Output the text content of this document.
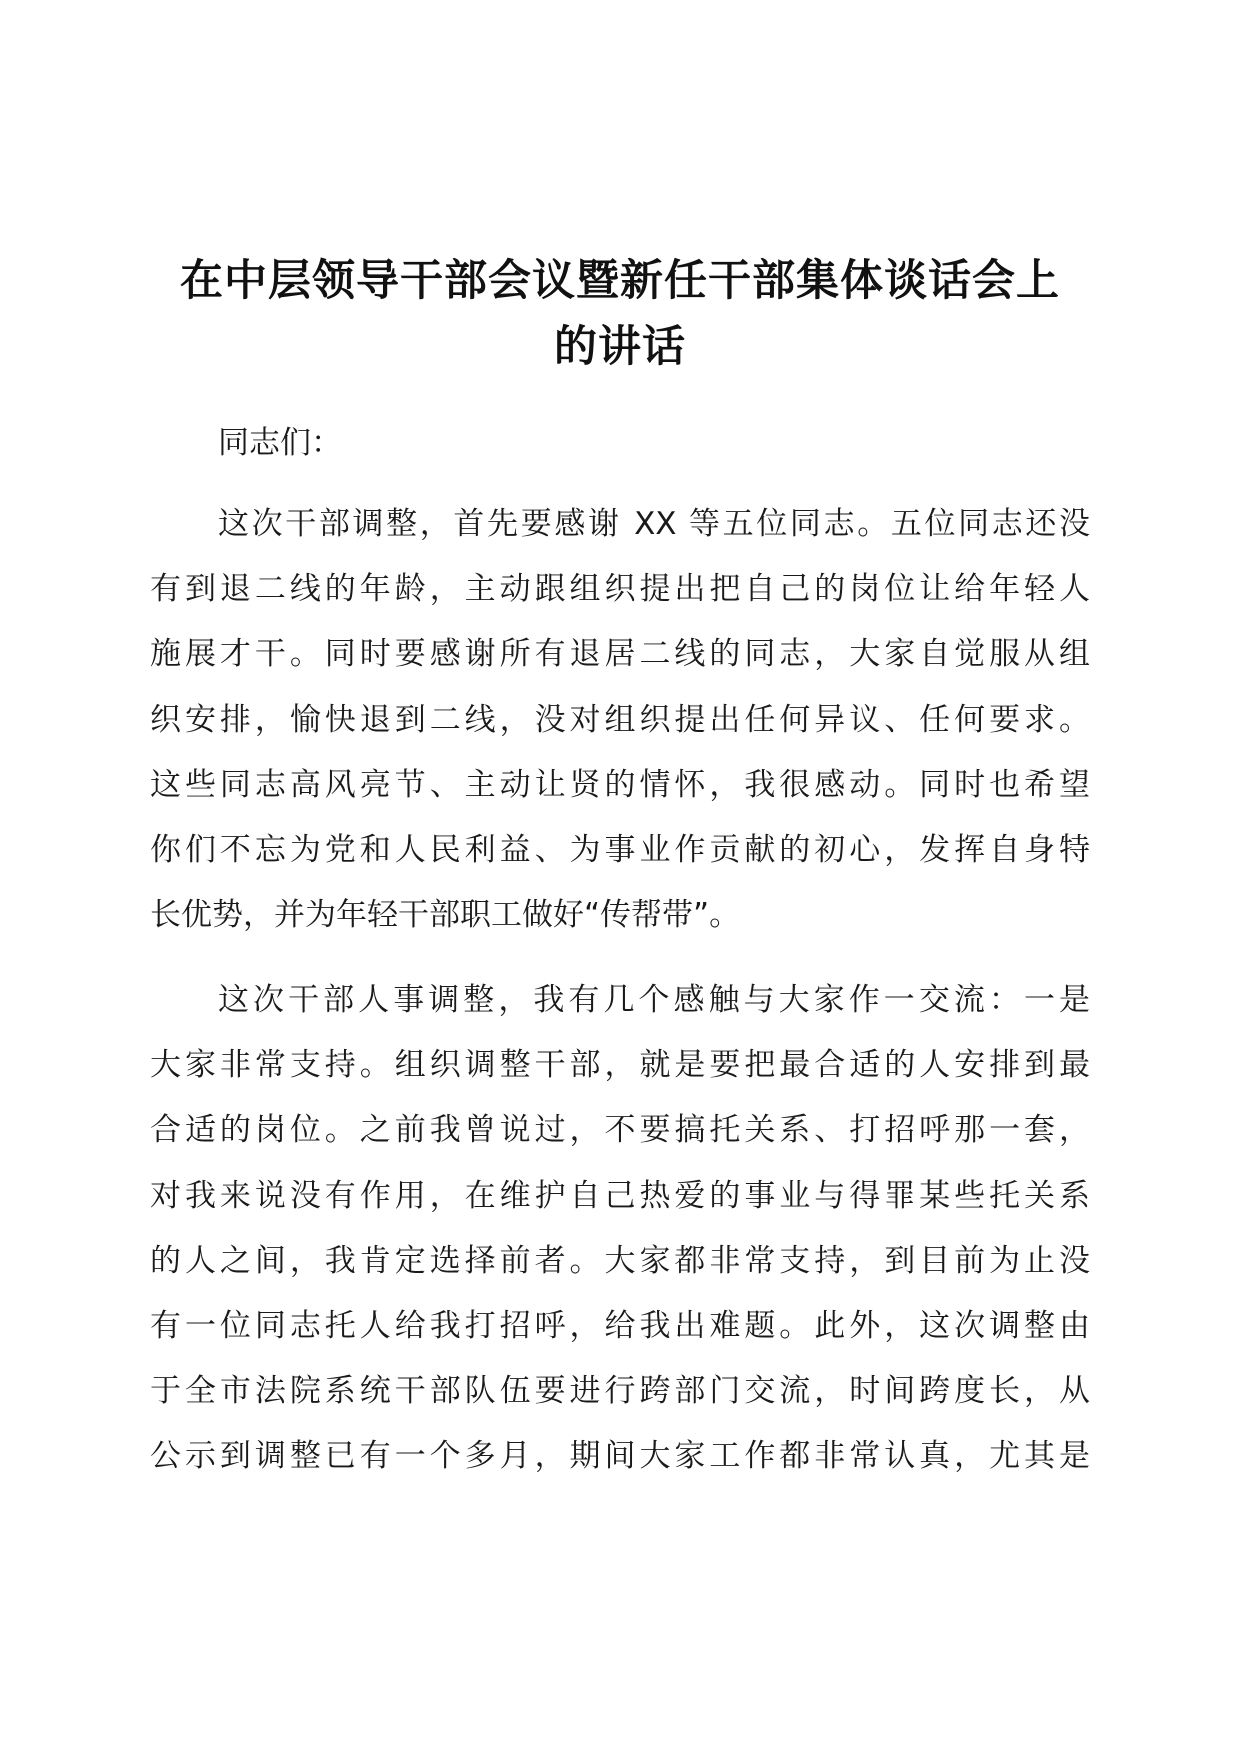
在中层领导干部会议暨新任干部集体谈话会上
的讲话

同志们：

这次干部调整，首先要感谢 XX 等五位同志。五位同志还没
有到退二线的年龄，主动跟组织提出把自己的岗位让给年轻人
施展才干。同时要感谢所有退居二线的同志，大家自觉服从组
织安排，愉快退到二线，没对组织提出任何异议、任何要求。
这些同志高风亮节、主动让贤的情怀，我很感动。同时也希望
你们不忘为党和人民利益、为事业作贡献的初心，发挥自身特
长优势，并为年轻干部职工做好“传帮带”。

这次干部人事调整，我有几个感触与大家作一交流：一是
大家非常支持。组织调整干部，就是要把最合适的人安排到最
合适的岗位。之前我曾说过，不要搞托关系、打招呼那一套，
对我来说没有作用，在维护自己热爱的事业与得罪某些托关系
的人之间，我肯定选择前者。大家都非常支持，到目前为止没
有一位同志托人给我打招呼，给我出难题。此外，这次调整由
于全市法院系统干部队伍要进行跨部门交流，时间跨度长，从
公示到调整已有一个多月，期间大家工作都非常认真，尤其是
